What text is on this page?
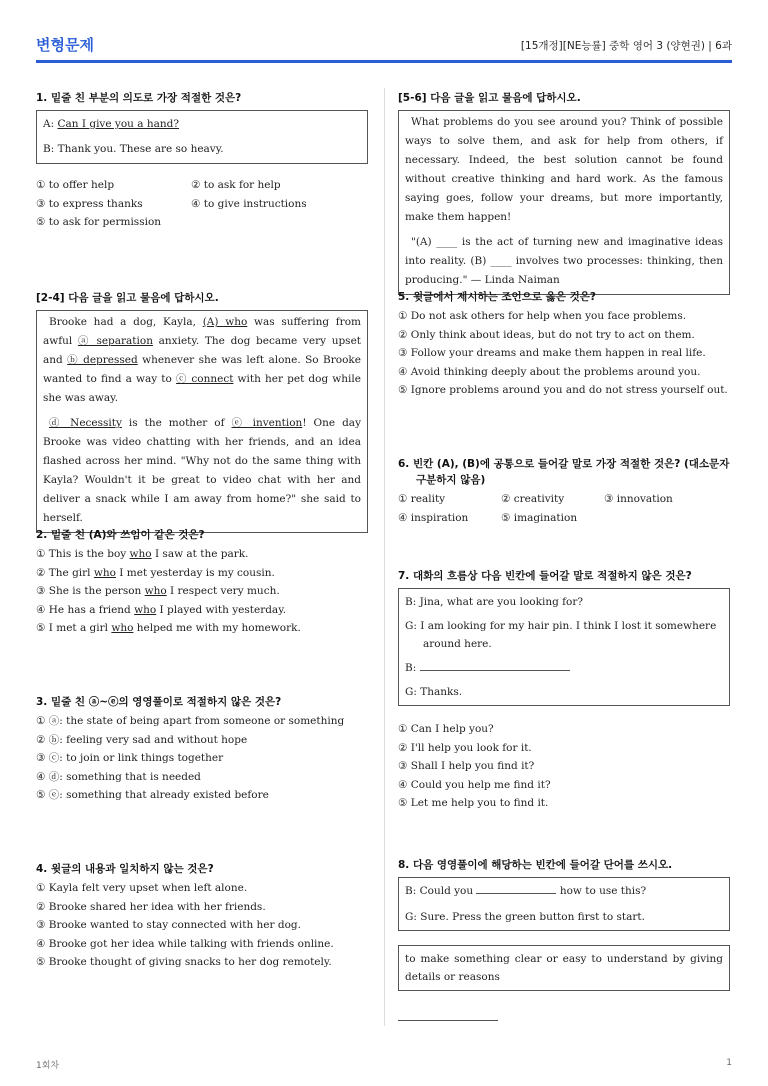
변형문제	[15개정][NE능률] 중학 영어 3 (양현권) | 6과
1. 밑줄 친 부분의 의도로 가장 적절한 것은?

A: Can I give you a hand?

B: Thank you. These are so heavy.

① to offer help	② to ask for help
③ to express thanks	④ to give instructions
⑤ to ask for permission
[2-4] 다음 글을 읽고 물음에 답하시오.

Brooke had a dog, Kayla, (A) who was suffering from awful ⓐ separation anxiety. The dog became very upset and ⓑ depressed whenever she was left alone. So Brooke wanted to find a way to ⓒ connect with her pet dog while she was away.

ⓓ Necessity is the mother of ⓔ invention! One day Brooke was video chatting with her friends, and an idea flashed across her mind. "Why not do the same thing with Kayla? Wouldn't it be great to video chat with her and deliver a snack while I am away from home?" she said to herself.

2. 밑줄 친 (A)와 쓰임이 같은 것은?
① This is the boy who I saw at the park.
② The girl who I met yesterday is my cousin.
③ She is the person who I respect very much.
④ He has a friend who I played with yesterday.
⑤ I met a girl who helped me with my homework.
3. 밑줄 친 ⓐ~ⓔ의 영영풀이로 적절하지 않은 것은?
① ⓐ: the state of being apart from someone or something
② ⓑ: feeling very sad and without hope
③ ⓒ: to join or link things together
④ ⓓ: something that is needed
⑤ ⓔ: something that already existed before
4. 윗글의 내용과 일치하지 않는 것은?
① Kayla felt very upset when left alone.
② Brooke shared her idea with her friends.
③ Brooke wanted to stay connected with her dog.
④ Brooke got her idea while talking with friends online.
⑤ Brooke thought of giving snacks to her dog remotely.
[5-6] 다음 글을 읽고 물음에 답하시오.

What problems do you see around you? Think of possible ways to solve them, and ask for help from others, if necessary. Indeed, the best solution cannot be found without creative thinking and hard work. As the famous saying goes, follow your dreams, but more importantly, make them happen!

"(A) ____ is the act of turning new and imaginative ideas into reality. (B) ____ involves two processes: thinking, then producing." — Linda Naiman

5. 윗글에서 제시하는 조언으로 옳은 것은?
① Do not ask others for help when you face problems.
② Only think about ideas, but do not try to act on them.
③ Follow your dreams and make them happen in real life.
④ Avoid thinking deeply about the problems around you.
⑤ Ignore problems around you and do not stress yourself out.
6. 빈칸 (A), (B)에 공통으로 들어갈 말로 가장 적절한 것은? (대소문자 구분하지 않음)
① reality	② creativity	③ innovation
④ inspiration	⑤ imagination
7. 대화의 흐름상 다음 빈칸에 들어갈 말로 적절하지 않은 것은?

B: Jina, what are you looking for?

G: I am looking for my hair pin. I think I lost it somewhere around here.

B:

G: Thanks.

① Can I help you?
② I'll help you look for it.
③ Shall I help you find it?
④ Could you help me find it?
⑤ Let me help you to find it.
8. 다음 영영풀이에 해당하는 빈칸에 들어갈 단어를 쓰시오.

B: Could you	how to use this?

G: Sure. Press the green button first to start.

to make something clear or easy to understand by giving details or reasons
1회차	1
